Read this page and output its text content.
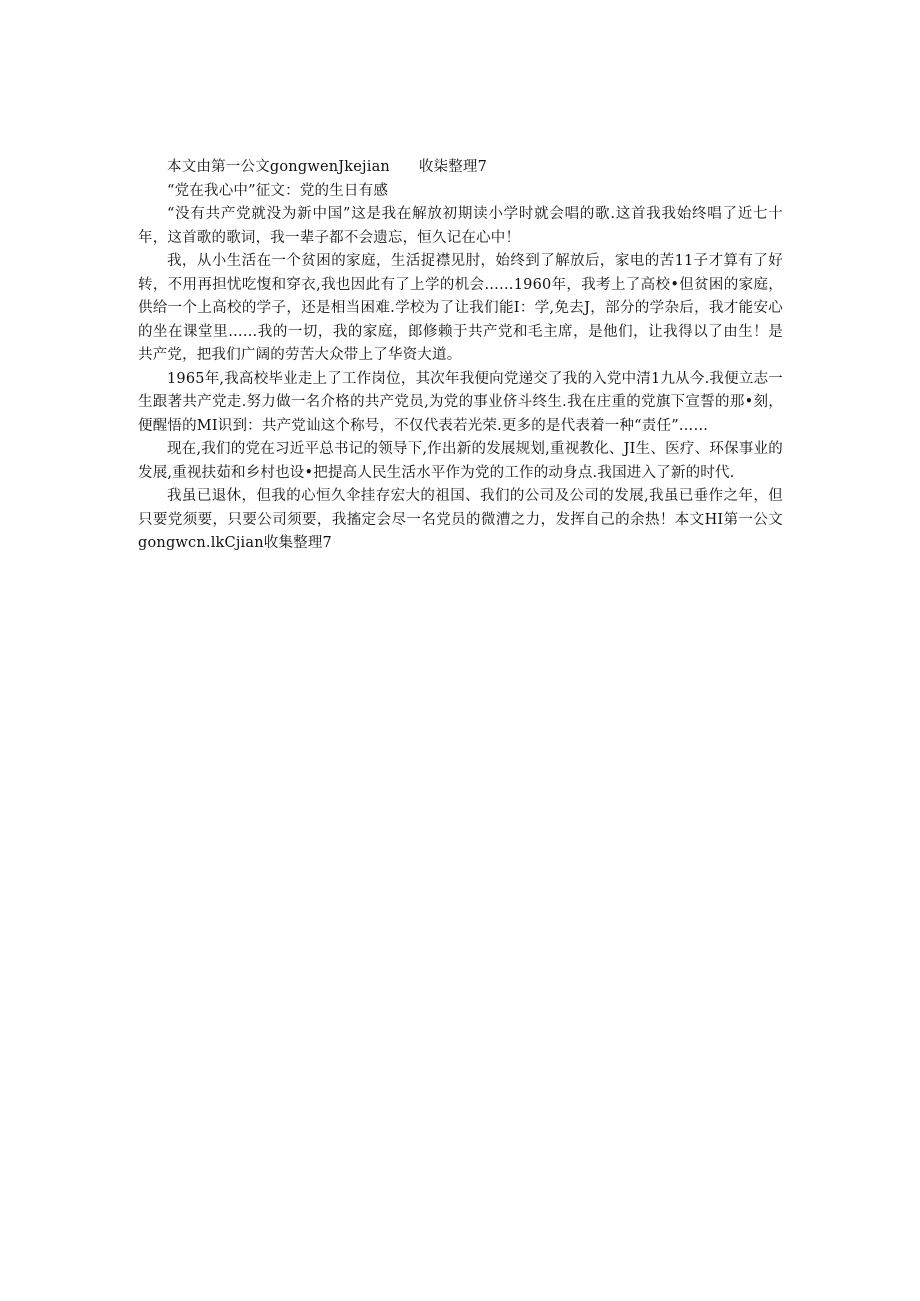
本文由第一公文gongwenJkejian      收柒整理7

“党在我心中”征文：党的生日有感

“没有共产党就没为新中国”这是我在解放初期读小学时就会唱的歌.这首我我始终唱了近七十年，这首歌的歌词，我一辈子都不会遗忘，恒久记在心中！

我，从小生活在一个贫困的家庭，生活捉襟见肘，始终到了解放后，家电的苦11子才算有了好转，不用再担忧吃愎和穿衣,我也因此有了上学的机会……1960年，我考上了高校•但贫困的家庭，供给一个上高校的学子，还是相当困难.学校为了让我们能I：学,免去J，部分的学杂后，我才能安心的坐在课堂里……我的一切，我的家庭，郎修赖于共产党和毛主席，是他们，让我得以了由生！是共产党，把我们广阔的劳苦大众带上了华资大道。

1965年,我高校毕业走上了工作岗位，其次年我便向党递交了我的入党中清1九从今.我便立志一生跟著共产党走.努力做一名介格的共产党员,为党的事业侪斗终生.我在庄重的党旗下宣誓的那•刻，便醒悟的MI识到：共产党讪这个称号，不仅代表若光荣.更多的是代表着一种“责任”……

现在,我们的党在习近平总书记的领导下,作出新的发展规划,重视教化、JI生、医疗、环保事业的发展,重视扶茹和乡村也设•把提高人民生活水平作为党的工作的动身点.我国进入了新的时代.

我虽已退休，但我的心恒久伞挂存宏大的祖国、我们的公司及公司的发展,我虽已垂作之年，但只要党须要，只要公司须要，我搐定会尽一名党员的微漕之力，发挥自己的余热！本文HI第一公文gongwcn.lkCjian收集整理7
